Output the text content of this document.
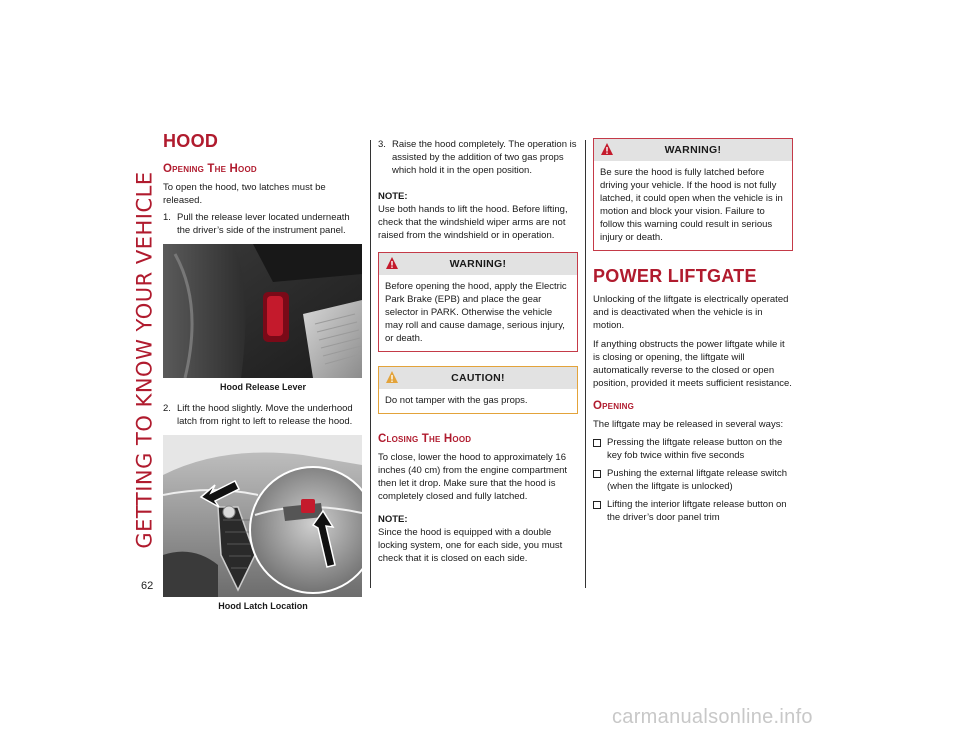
GETTING TO KNOW YOUR VEHICLE
62
HOOD
Opening The Hood

To open the hood, two latches must be released.

1. Pull the release lever located underneath the driver’s side of the instrument panel.
Hood Release Lever
2. Lift the hood slightly. Move the underhood latch from right to left to release the hood.
Hood Latch Location
3. Raise the hood completely. The operation is assisted by the addition of two gas props which hold it in the open position.
NOTE:

Use both hands to lift the hood. Before lifting, check that the windshield wiper arms are not raised from the windshield or in operation.

WARNING!
Before opening the hood, apply the Electric Park Brake (EPB) and place the gear selector in PARK. Otherwise the vehicle may roll and cause damage, serious injury, or death.
CAUTION!
Do not tamper with the gas props.
Closing The Hood

To close, lower the hood to approximately 16 inches (40 cm) from the engine compartment then let it drop. Make sure that the hood is completely closed and fully latched.

NOTE:

Since the hood is equipped with a double locking system, one for each side, you must check that it is closed on each side.

WARNING!
Be sure the hood is fully latched before driving your vehicle. If the hood is not fully latched, it could open when the vehicle is in motion and block your vision. Failure to follow this warning could result in serious injury or death.
POWER LIFTGATE

Unlocking of the liftgate is electrically operated and is deactivated when the vehicle is in motion.

If anything obstructs the power liftgate while it is closing or opening, the liftgate will automatically reverse to the closed or open position, provided it meets sufficient resistance.

Opening

The liftgate may be released in several ways:

Pressing the liftgate release button on the key fob twice within five seconds
Pushing the external liftgate release switch (when the liftgate is unlocked)
Lifting the interior liftgate release button on the driver’s door panel trim
carmanualsonline.info
